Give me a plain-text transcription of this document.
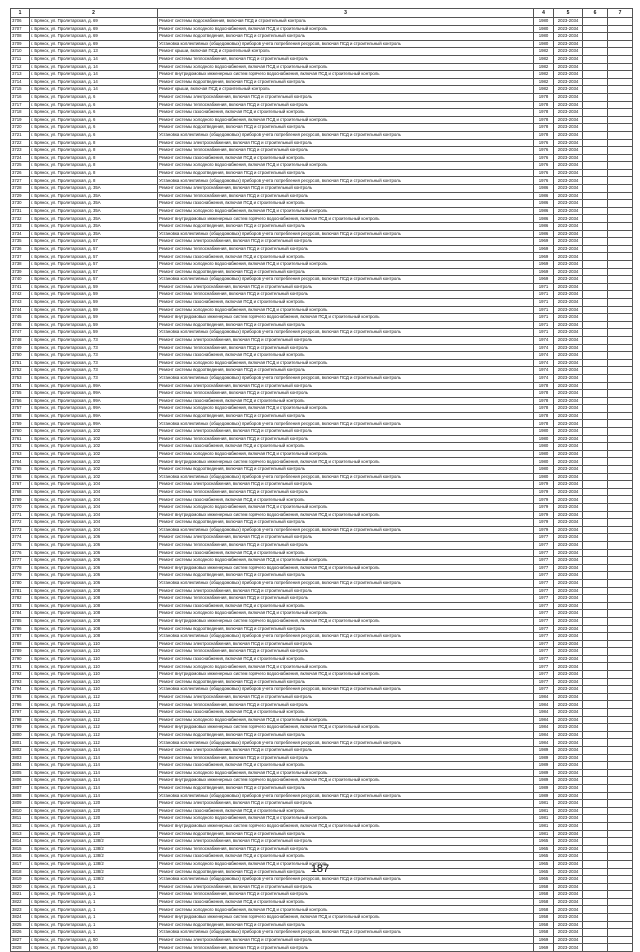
1	2	3	4	5	6	7
3706	г. Брянск, ул. Пролетарская, д. 69	Ремонт системы водоснабжения, включая ПСД и строительный контроль	1980	2023-2034		
3707	г. Брянск, ул. Пролетарская, д. 69	Ремонт системы холодного водоснабжения, включая ПСД и строительный контроль	1980	2023-2034		
3708	г. Брянск, ул. Пролетарская, д. 69	Ремонт системы водоотведения, включая ПСД и строительный контроль	1980	2023-2034		
3709	г. Брянск, ул. Пролетарская, д. 69	Установка коллективных (общедомовых) приборов учета потребления ресурсов, включая ПСД и строительный контроль	1980	2023-2034		
3710	г. Брянск, ул. Пролетарская, д. 13	Ремонт крыши, включая ПСД и строительный контроль	1982	2023-2034		
3711	г. Брянск, ул. Пролетарская, д. 14	Ремонт системы теплоснабжения, включая ПСД и строительный контроль	1982	2023-2034		
3712	г. Брянск, ул. Пролетарская, д. 14	Ремонт системы холодного водоснабжения, включая ПСД и строительный контроль	1982	2023-2034		
3713	г. Брянск, ул. Пролетарская, д. 14	Ремонт внутридомовых инженерных систем горячего водоснабжения, включая ПСД и строительный контроль	1982	2023-2034		
3714	г. Брянск, ул. Пролетарская, д. 14	Ремонт системы водоотведения, включая ПСД и строительный контроль	1982	2023-2034		
3715	г. Брянск, ул. Пролетарская, д. 14	Ремонт крыши, включая ПСД и строительный контроль	1982	2023-2034		
3716	г. Брянск, ул. Пролетарская, д. 6	Ремонт системы электроснабжения, включая ПСД и строительный контроль	1978	2023-2034		
3717	г. Брянск, ул. Пролетарская, д. 6	Ремонт системы теплоснабжения, включая ПСД и строительный контроль	1978	2023-2034		
3718	г. Брянск, ул. Пролетарская, д. 6	Ремонт системы газоснабжения, включая ПСД и строительный контроль	1978	2023-2034		
3719	г. Брянск, ул. Пролетарская, д. 6	Ремонт системы холодного водоснабжения, включая ПСД и строительный контроль	1978	2023-2034		
3720	г. Брянск, ул. Пролетарская, д. 6	Ремонт системы водоотведения, включая ПСД и строительный контроль	1978	2023-2034		
3721	г. Брянск, ул. Пролетарская, д. 6	Установка коллективных (общедомовых) приборов учета потребления ресурсов, включая ПСД и строительный контроль	1978	2023-2034		
3722	г. Брянск, ул. Пролетарская, д. 8	Ремонт системы электроснабжения, включая ПСД и строительный контроль	1976	2023-2034		
3723	г. Брянск, ул. Пролетарская, д. 8	Ремонт системы теплоснабжения, включая ПСД и строительный контроль	1976	2023-2034		
3724	г. Брянск, ул. Пролетарская, д. 8	Ремонт системы газоснабжения, включая ПСД и строительный контроль	1976	2023-2034		
3725	г. Брянск, ул. Пролетарская, д. 8	Ремонт системы холодного водоснабжения, включая ПСД и строительный контроль	1976	2023-2034		
3726	г. Брянск, ул. Пролетарская, д. 8	Ремонт системы водоотведения, включая ПСД и строительный контроль	1976	2023-2034		
3727	г. Брянск, ул. Пролетарская, д. 8	Установка коллективных (общедомовых) приборов учета потребления ресурсов, включая ПСД и строительный контроль	1976	2023-2034		
3728	г. Брянск, ул. Пролетарская, д. 35А	Ремонт системы электроснабжения, включая ПСД и строительный контроль	1986	2023-2034		
3729	г. Брянск, ул. Пролетарская, д. 35А	Ремонт системы теплоснабжения, включая ПСД и строительный контроль	1986	2023-2034		
3730	г. Брянск, ул. Пролетарская, д. 35А	Ремонт системы газоснабжения, включая ПСД и строительный контроль	1986	2023-2034		
3731	г. Брянск, ул. Пролетарская, д. 35А	Ремонт системы холодного водоснабжения, включая ПСД и строительный контроль	1986	2023-2034		
3732	г. Брянск, ул. Пролетарская, д. 35А	Ремонт внутридомовых инженерных систем горячего водоснабжения, включая ПСД и строительный контроль	1986	2023-2034		
3733	г. Брянск, ул. Пролетарская, д. 35А	Ремонт системы водоотведения, включая ПСД и строительный контроль	1986	2023-2034		
3734	г. Брянск, ул. Пролетарская, д. 35А	Установка коллективных (общедомовых) приборов учета потребления ресурсов, включая ПСД и строительный контроль	1986	2023-2034		
3735	г. Брянск, ул. Пролетарская, д. 57	Ремонт системы электроснабжения, включая ПСД и строительный контроль	1969	2023-2034		
3736	г. Брянск, ул. Пролетарская, д. 57	Ремонт системы теплоснабжения, включая ПСД и строительный контроль	1969	2023-2034		
3737	г. Брянск, ул. Пролетарская, д. 57	Ремонт системы газоснабжения, включая ПСД и строительный контроль	1969	2023-2034		
3738	г. Брянск, ул. Пролетарская, д. 57	Ремонт системы холодного водоснабжения, включая ПСД и строительный контроль	1969	2023-2034		
3739	г. Брянск, ул. Пролетарская, д. 57	Ремонт системы водоотведения, включая ПСД и строительный контроль	1969	2023-2034		
3740	г. Брянск, ул. Пролетарская, д. 57	Установка коллективных (общедомовых) приборов учета потребления ресурсов, включая ПСД и строительный контроль	1969	2023-2034		
3741	г. Брянск, ул. Пролетарская, д. 59	Ремонт системы электроснабжения, включая ПСД и строительный контроль	1971	2023-2034		
3742	г. Брянск, ул. Пролетарская, д. 59	Ремонт системы теплоснабжения, включая ПСД и строительный контроль	1971	2023-2034		
3743	г. Брянск, ул. Пролетарская, д. 59	Ремонт системы газоснабжения, включая ПСД и строительный контроль	1971	2023-2034		
3744	г. Брянск, ул. Пролетарская, д. 59	Ремонт системы холодного водоснабжения, включая ПСД и строительный контроль	1971	2023-2034		
3745	г. Брянск, ул. Пролетарская, д. 59	Ремонт внутридомовых инженерных систем горячего водоснабжения, включая ПСД и строительный контроль	1971	2023-2034		
3746	г. Брянск, ул. Пролетарская, д. 59	Ремонт системы водоотведения, включая ПСД и строительный контроль	1971	2023-2034		
3747	г. Брянск, ул. Пролетарская, д. 59	Установка коллективных (общедомовых) приборов учета потребления ресурсов, включая ПСД и строительный контроль	1971	2023-2034		
3748	г. Брянск, ул. Пролетарская, д. 73	Ремонт системы электроснабжения, включая ПСД и строительный контроль	1974	2023-2034		
3749	г. Брянск, ул. Пролетарская, д. 73	Ремонт системы теплоснабжения, включая ПСД и строительный контроль	1974	2023-2034		
3750	г. Брянск, ул. Пролетарская, д. 73	Ремонт системы газоснабжения, включая ПСД и строительный контроль	1974	2023-2034		
3751	г. Брянск, ул. Пролетарская, д. 73	Ремонт системы холодного водоснабжения, включая ПСД и строительный контроль	1974	2023-2034		
3752	г. Брянск, ул. Пролетарская, д. 73	Ремонт системы водоотведения, включая ПСД и строительный контроль	1974	2023-2034		
3753	г. Брянск, ул. Пролетарская, д. 73	Установка коллективных (общедомовых) приборов учета потребления ресурсов, включая ПСД и строительный контроль	1974	2023-2034		
3754	г. Брянск, ул. Пролетарская, д. 99А	Ремонт системы электроснабжения, включая ПСД и строительный контроль	1978	2023-2034		
3755	г. Брянск, ул. Пролетарская, д. 99А	Ремонт системы теплоснабжения, включая ПСД и строительный контроль	1978	2023-2034		
3756	г. Брянск, ул. Пролетарская, д. 99А	Ремонт системы газоснабжения, включая ПСД и строительный контроль	1978	2023-2034		
3757	г. Брянск, ул. Пролетарская, д. 99А	Ремонт системы холодного водоснабжения, включая ПСД и строительный контроль	1978	2023-2034		
3758	г. Брянск, ул. Пролетарская, д. 99А	Ремонт системы водоотведения, включая ПСД и строительный контроль	1978	2023-2034		
3759	г. Брянск, ул. Пролетарская, д. 99А	Установка коллективных (общедомовых) приборов учета потребления ресурсов, включая ПСД и строительный контроль	1978	2023-2034		
3760	г. Брянск, ул. Пролетарская, д. 102	Ремонт системы электроснабжения, включая ПСД и строительный контроль	1980	2023-2034		
3761	г. Брянск, ул. Пролетарская, д. 102	Ремонт системы теплоснабжения, включая ПСД и строительный контроль	1980	2023-2034		
3762	г. Брянск, ул. Пролетарская, д. 102	Ремонт системы газоснабжения, включая ПСД и строительный контроль	1980	2023-2034		
3763	г. Брянск, ул. Пролетарская, д. 102	Ремонт системы холодного водоснабжения, включая ПСД и строительный контроль	1980	2023-2034		
3764	г. Брянск, ул. Пролетарская, д. 102	Ремонт внутридомовых инженерных систем горячего водоснабжения, включая ПСД и строительный контроль	1980	2023-2034		
3765	г. Брянск, ул. Пролетарская, д. 102	Ремонт системы водоотведения, включая ПСД и строительный контроль	1980	2023-2034		
3766	г. Брянск, ул. Пролетарская, д. 102	Установка коллективных (общедомовых) приборов учета потребления ресурсов, включая ПСД и строительный контроль	1980	2023-2034		
3767	г. Брянск, ул. Пролетарская, д. 104	Ремонт системы электроснабжения, включая ПСД и строительный контроль	1979	2023-2034		
3768	г. Брянск, ул. Пролетарская, д. 104	Ремонт системы теплоснабжения, включая ПСД и строительный контроль	1979	2023-2034		
3769	г. Брянск, ул. Пролетарская, д. 104	Ремонт системы газоснабжения, включая ПСД и строительный контроль	1979	2023-2034		
3770	г. Брянск, ул. Пролетарская, д. 104	Ремонт системы холодного водоснабжения, включая ПСД и строительный контроль	1979	2023-2034		
3771	г. Брянск, ул. Пролетарская, д. 104	Ремонт внутридомовых инженерных систем горячего водоснабжения, включая ПСД и строительный контроль	1979	2023-2034		
3772	г. Брянск, ул. Пролетарская, д. 104	Ремонт системы водоотведения, включая ПСД и строительный контроль	1979	2023-2034		
3773	г. Брянск, ул. Пролетарская, д. 104	Установка коллективных (общедомовых) приборов учета потребления ресурсов, включая ПСД и строительный контроль	1979	2023-2034		
3774	г. Брянск, ул. Пролетарская, д. 106	Ремонт системы электроснабжения, включая ПСД и строительный контроль	1977	2023-2034		
3775	г. Брянск, ул. Пролетарская, д. 106	Ремонт системы теплоснабжения, включая ПСД и строительный контроль	1977	2023-2034		
3776	г. Брянск, ул. Пролетарская, д. 106	Ремонт системы газоснабжения, включая ПСД и строительный контроль	1977	2023-2034		
3777	г. Брянск, ул. Пролетарская, д. 106	Ремонт системы холодного водоснабжения, включая ПСД и строительный контроль	1977	2023-2034		
3778	г. Брянск, ул. Пролетарская, д. 106	Ремонт внутридомовых инженерных систем горячего водоснабжения, включая ПСД и строительный контроль	1977	2023-2034		
3779	г. Брянск, ул. Пролетарская, д. 106	Ремонт системы водоотведения, включая ПСД и строительный контроль	1977	2023-2034		
3780	г. Брянск, ул. Пролетарская, д. 106	Установка коллективных (общедомовых) приборов учета потребления ресурсов, включая ПСД и строительный контроль	1977	2023-2034		
3781	г. Брянск, ул. Пролетарская, д. 108	Ремонт системы электроснабжения, включая ПСД и строительный контроль	1977	2023-2034		
3782	г. Брянск, ул. Пролетарская, д. 108	Ремонт системы теплоснабжения, включая ПСД и строительный контроль	1977	2023-2034		
3783	г. Брянск, ул. Пролетарская, д. 108	Ремонт системы газоснабжения, включая ПСД и строительный контроль	1977	2023-2034		
3784	г. Брянск, ул. Пролетарская, д. 108	Ремонт системы холодного водоснабжения, включая ПСД и строительный контроль	1977	2023-2034		
3785	г. Брянск, ул. Пролетарская, д. 108	Ремонт внутридомовых инженерных систем горячего водоснабжения, включая ПСД и строительный контроль	1977	2023-2034		
3786	г. Брянск, ул. Пролетарская, д. 108	Ремонт системы водоотведения, включая ПСД и строительный контроль	1977	2023-2034		
3787	г. Брянск, ул. Пролетарская, д. 108	Установка коллективных (общедомовых) приборов учета потребления ресурсов, включая ПСД и строительный контроль	1977	2023-2034		
3788	г. Брянск, ул. Пролетарская, д. 110	Ремонт системы электроснабжения, включая ПСД и строительный контроль	1977	2023-2034		
3789	г. Брянск, ул. Пролетарская, д. 110	Ремонт системы теплоснабжения, включая ПСД и строительный контроль	1977	2023-2034		
3790	г. Брянск, ул. Пролетарская, д. 110	Ремонт системы газоснабжения, включая ПСД и строительный контроль	1977	2023-2034		
3791	г. Брянск, ул. Пролетарская, д. 110	Ремонт системы холодного водоснабжения, включая ПСД и строительный контроль	1977	2023-2034		
3792	г. Брянск, ул. Пролетарская, д. 110	Ремонт внутридомовых инженерных систем горячего водоснабжения, включая ПСД и строительный контроль	1977	2023-2034		
3793	г. Брянск, ул. Пролетарская, д. 110	Ремонт системы водоотведения, включая ПСД и строительный контроль	1977	2023-2034		
3794	г. Брянск, ул. Пролетарская, д. 110	Установка коллективных (общедомовых) приборов учета потребления ресурсов, включая ПСД и строительный контроль	1977	2023-2034		
3795	г. Брянск, ул. Пролетарская, д. 112	Ремонт системы электроснабжения, включая ПСД и строительный контроль	1984	2023-2034		
3796	г. Брянск, ул. Пролетарская, д. 112	Ремонт системы теплоснабжения, включая ПСД и строительный контроль	1984	2023-2034		
3797	г. Брянск, ул. Пролетарская, д. 112	Ремонт системы газоснабжения, включая ПСД и строительный контроль	1984	2023-2034		
3798	г. Брянск, ул. Пролетарская, д. 112	Ремонт системы холодного водоснабжения, включая ПСД и строительный контроль	1984	2023-2034		
3799	г. Брянск, ул. Пролетарская, д. 112	Ремонт внутридомовых инженерных систем горячего водоснабжения, включая ПСД и строительный контроль	1984	2023-2034		
3800	г. Брянск, ул. Пролетарская, д. 112	Ремонт системы водоотведения, включая ПСД и строительный контроль	1984	2023-2034		
3801	г. Брянск, ул. Пролетарская, д. 112	Установка коллективных (общедомовых) приборов учета потребления ресурсов, включая ПСД и строительный контроль	1984	2023-2034		
3802	г. Брянск, ул. Пролетарская, д. 114	Ремонт системы электроснабжения, включая ПСД и строительный контроль	1989	2023-2034		
3803	г. Брянск, ул. Пролетарская, д. 114	Ремонт системы теплоснабжения, включая ПСД и строительный контроль	1989	2023-2034		
3804	г. Брянск, ул. Пролетарская, д. 114	Ремонт системы газоснабжения, включая ПСД и строительный контроль	1989	2023-2034		
3805	г. Брянск, ул. Пролетарская, д. 114	Ремонт системы холодного водоснабжения, включая ПСД и строительный контроль	1989	2023-2034		
3806	г. Брянск, ул. Пролетарская, д. 114	Ремонт внутридомовых инженерных систем горячего водоснабжения, включая ПСД и строительный контроль	1989	2023-2034		
3807	г. Брянск, ул. Пролетарская, д. 114	Ремонт системы водоотведения, включая ПСД и строительный контроль	1989	2023-2034		
3808	г. Брянск, ул. Пролетарская, д. 114	Установка коллективных (общедомовых) приборов учета потребления ресурсов, включая ПСД и строительный контроль	1989	2023-2034		
3809	г. Брянск, ул. Пролетарская, д. 120	Ремонт системы электроснабжения, включая ПСД и строительный контроль	1981	2023-2034		
3810	г. Брянск, ул. Пролетарская, д. 120	Ремонт системы газоснабжения, включая ПСД и строительный контроль	1981	2023-2034		
3811	г. Брянск, ул. Пролетарская, д. 120	Ремонт системы холодного водоснабжения, включая ПСД и строительный контроль	1981	2023-2034		
3812	г. Брянск, ул. Пролетарская, д. 120	Ремонт внутридомовых инженерных систем горячего водоснабжения, включая ПСД и строительный контроль	1981	2023-2034		
3813	г. Брянск, ул. Пролетарская, д. 120	Ремонт системы водоотведения, включая ПСД и строительный контроль	1981	2023-2034		
3814	г. Брянск, ул. Пролетарская, д. 138/2	Ремонт системы электроснабжения, включая ПСД и строительный контроль	1965	2023-2034		
3815	г. Брянск, ул. Пролетарская, д. 138/2	Ремонт системы теплоснабжения, включая ПСД и строительный контроль	1965	2023-2034		
3816	г. Брянск, ул. Пролетарская, д. 138/2	Ремонт системы газоснабжения, включая ПСД и строительный контроль	1965	2023-2034		
3817	г. Брянск, ул. Пролетарская, д. 138/2	Ремонт системы холодного водоснабжения, включая ПСД и строительный контроль	1965	2023-2034		
3818	г. Брянск, ул. Пролетарская, д. 138/2	Ремонт системы водоотведения, включая ПСД и строительный контроль	1965	2023-2034		
3819	г. Брянск, ул. Пролетарская, д. 138/2	Установка коллективных (общедомовых) приборов учета потребления ресурсов, включая ПСД и строительный контроль	1965	2023-2034		
3820	г. Брянск, ул. Пролетарская, д. 1	Ремонт системы электроснабжения, включая ПСД и строительный контроль	1958	2023-2034		
3821	г. Брянск, ул. Пролетарская, д. 1	Ремонт системы теплоснабжения, включая ПСД и строительный контроль	1958	2023-2034		
3822	г. Брянск, ул. Пролетарская, д. 1	Ремонт системы газоснабжения, включая ПСД и строительный контроль	1958	2023-2034		
3823	г. Брянск, ул. Пролетарская, д. 1	Ремонт системы холодного водоснабжения, включая ПСД и строительный контроль	1958	2023-2034		
3824	г. Брянск, ул. Пролетарская, д. 1	Ремонт внутридомовых инженерных систем горячего водоснабжения, включая ПСД и строительный контроль	1958	2023-2034		
3825	г. Брянск, ул. Пролетарская, д. 1	Ремонт системы водоотведения, включая ПСД и строительный контроль	1958	2023-2034		
3826	г. Брянск, ул. Пролетарская, д. 1	Установка коллективных (общедомовых) приборов учета потребления ресурсов, включая ПСД и строительный контроль	1958	2023-2034		
3827	г. Брянск, ул. Пролетарская, д. 50	Ремонт системы электроснабжения, включая ПСД и строительный контроль	1969	2023-2034		
3828	г. Брянск, ул. Пролетарская, д. 50	Ремонт системы теплоснабжения, включая ПСД и строительный контроль	1969	2023-2034		
187
